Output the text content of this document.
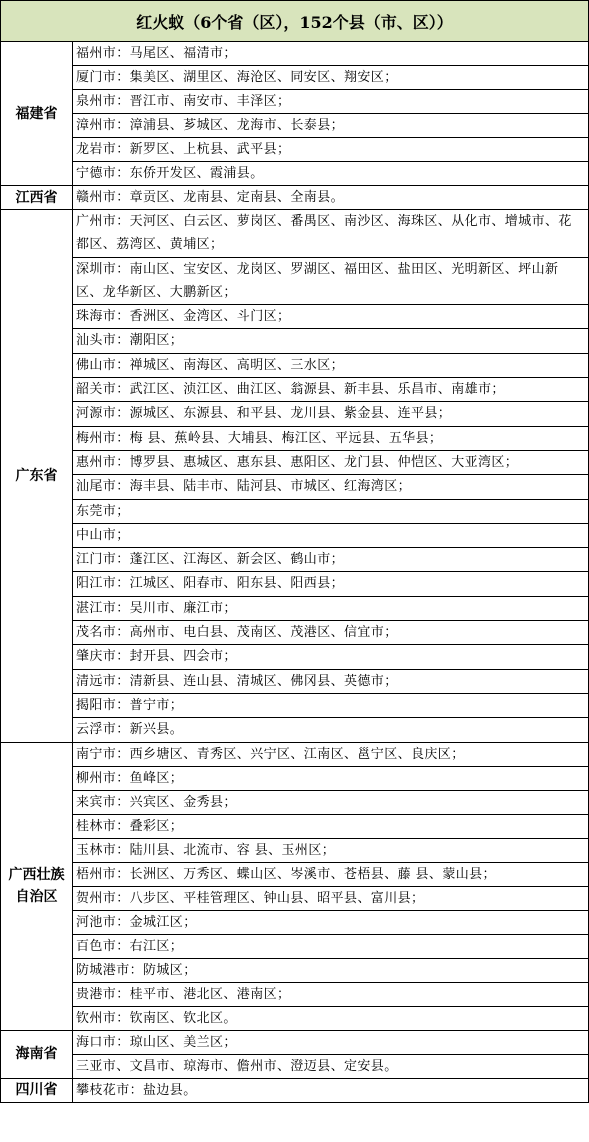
红火蚁（6个省（区），152个县（市、区））
福建省
福州市：马尾区、福清市；
厦门市：集美区、湖里区、海沧区、同安区、翔安区；
泉州市：晋江市、南安市、丰泽区；
漳州市：漳浦县、芗城区、龙海市、长泰县；
龙岩市：新罗区、上杭县、武平县；
宁德市：东侨开发区、霞浦县。
江西省	赣州市：章贡区、龙南县、定南县、全南县。
广东省
广州市：天河区、白云区、萝岗区、番禺区、南沙区、海珠区、从化市、增城市、花都区、荔湾区、黄埔区；
深圳市：南山区、宝安区、龙岗区、罗湖区、福田区、盐田区、光明新区、坪山新区、龙华新区、大鹏新区；
珠海市：香洲区、金湾区、斗门区；
汕头市：潮阳区；
佛山市：禅城区、南海区、高明区、三水区；
韶关市：武江区、浈江区、曲江区、翁源县、新丰县、乐昌市、南雄市；
河源市：源城区、东源县、和平县、龙川县、紫金县、连平县；
梅州市：梅 县、蕉岭县、大埔县、梅江区、平远县、五华县；
惠州市：博罗县、惠城区、惠东县、惠阳区、龙门县、仲恺区、大亚湾区；
汕尾市：海丰县、陆丰市、陆河县、市城区、红海湾区；
东莞市；
中山市；
江门市：蓬江区、江海区、新会区、鹤山市；
阳江市：江城区、阳春市、阳东县、阳西县；
湛江市：吴川市、廉江市；
茂名市：高州市、电白县、茂南区、茂港区、信宜市；
肇庆市：封开县、四会市；
清远市：清新县、连山县、清城区、佛冈县、英德市；
揭阳市：普宁市；
云浮市：新兴县。
广西壮族自治区
南宁市：西乡塘区、青秀区、兴宁区、江南区、邕宁区、良庆区；
柳州市：鱼峰区；
来宾市：兴宾区、金秀县；
桂林市：叠彩区；
玉林市：陆川县、北流市、容 县、玉州区；
梧州市：长洲区、万秀区、蝶山区、岑溪市、苍梧县、藤 县、蒙山县；
贺州市：八步区、平桂管理区、钟山县、昭平县、富川县；
河池市：金城江区；
百色市：右江区；
防城港市：防城区；
贵港市：桂平市、港北区、港南区；
钦州市：钦南区、钦北区。
海南省
海口市：琼山区、美兰区；
三亚市、文昌市、琼海市、儋州市、澄迈县、定安县。
四川省	攀枝花市：盐边县。
